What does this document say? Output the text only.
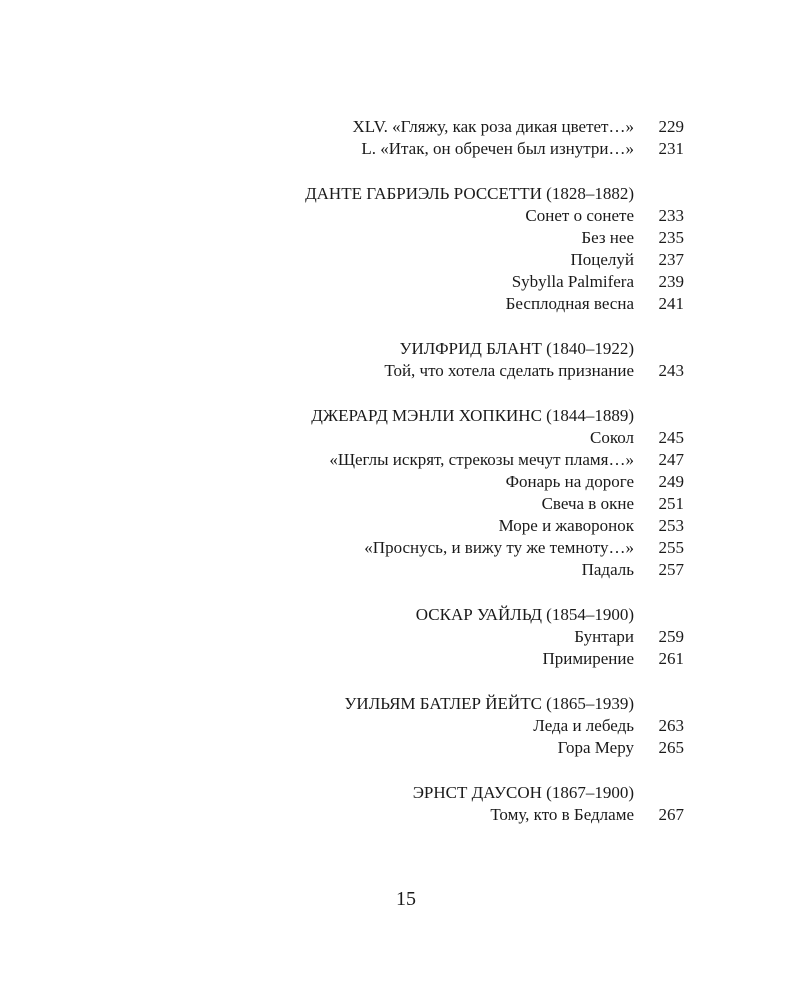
XLV. «Гляжу, как роза дикая цветет…» 229
L. «Итак, он обречен был изнутри…» 231
ДАНТЕ ГАБРИЭЛЬ РОССЕТТИ (1828–1882)
Сонет о сонете 233
Без нее 235
Поцелуй 237
Sybylla Palmifera 239
Бесплодная весна 241
УИЛФРИД БЛАНТ (1840–1922)
Той, что хотела сделать признание 243
ДЖЕРАРД МЭНЛИ ХОПКИНС (1844–1889)
Сокол 245
«Щеглы искрят, стрекозы мечут пламя…» 247
Фонарь на дороге 249
Свеча в окне 251
Море и жаворонок 253
«Проснусь, и вижу ту же темноту…» 255
Падаль 257
ОСКАР УАЙЛЬД (1854–1900)
Бунтари 259
Примирение 261
УИЛЬЯМ БАТЛЕР ЙЕЙТС (1865–1939)
Леда и лебедь 263
Гора Меру 265
ЭРНСТ ДАУСОН (1867–1900)
Тому, кто в Бедламе 267
15
